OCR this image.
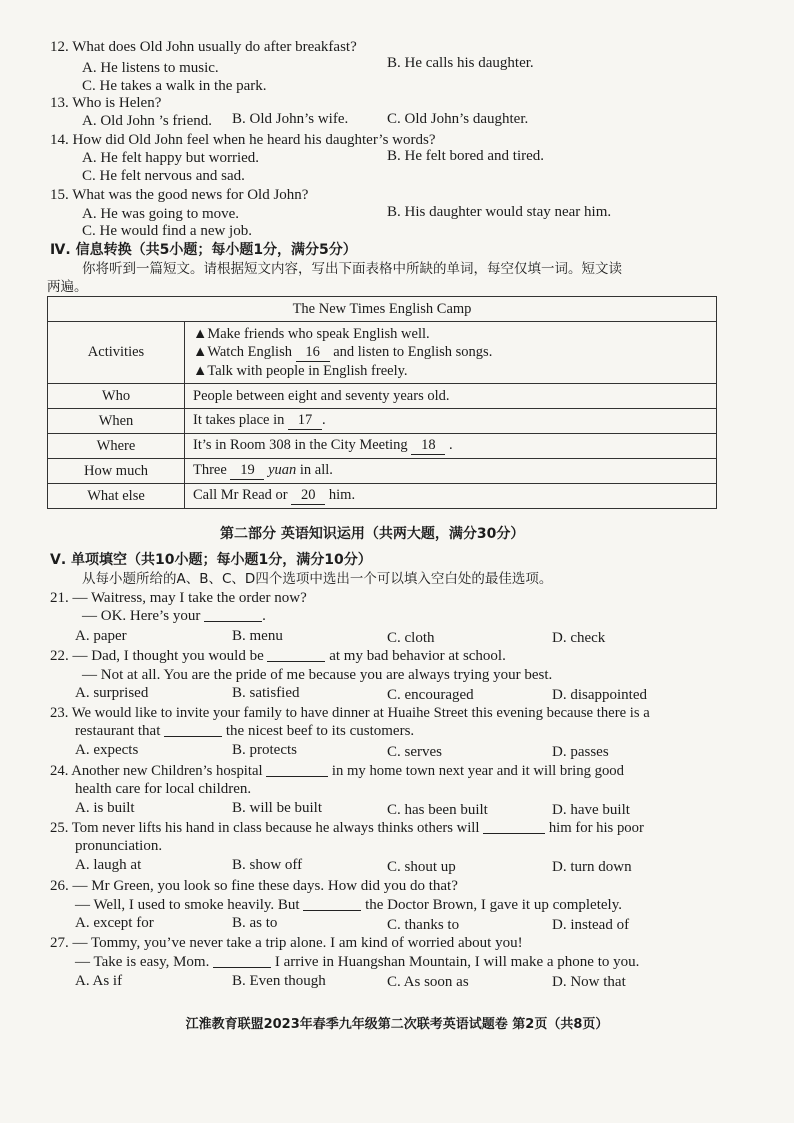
12. What does Old John usually do after breakfast?
A. He listens to music.	B. He calls his daughter.
C. He takes a walk in the park.
13. Who is Helen?
A. Old John ’s friend. B. Old John’s wife.	C. Old John’s daughter.
14. How did Old John feel when he heard his daughter’s words?
A. He felt happy but worried.	B. He felt bored and tired.
C. He felt nervous and sad.
15. What was the good news for Old John?
A. He was going to move.	B. His daughter would stay near him.
C. He would find a new job.
Ⅳ. 信息转换（共5小题；每小题1分，满分5分）
你将听到一篇短文。请根据短文内容，写出下面表格中所缺的单词，每空仅填一词。短文读
两遍。
The New Times English Camp	
Activities	▲Make friends who speak English well.
▲Watch English 16 and listen to English songs.
▲Talk with people in English freely.

Who	People between eight and seventy years old.
When	It takes place in 17 .
Where	It’s in Room 308 in the City Meeting 18 .
How much	Three 19 yuan in all.
What else	Call Mr Read or 20 him.
第二部分 英语知识运用（共两大题，满分30分）
Ⅴ. 单项填空（共10小题；每小题1分，满分10分）
从每小题所给的A、B、C、D四个选项中选出一个可以填入空白处的最佳选项。
21. — Waitress, may I take the order now?
— OK. Here’s your	.
A. paper	B. menu	C. cloth	D. check
22. — Dad, I thought you would be	at my bad behavior at school.
— Not at all. You are the pride of me because you are always trying your best.
A. surprised	B. satisfied	C. encouraged	D. disappointed
23. We would like to invite your family to have dinner at Huaihe Street this evening because there is a
restaurant that	the nicest beef to its customers.
A. expects	B. protects	C. serves	D. passes
24. Another new Children’s hospital	in my home town next year and it will bring good
health care for local children.
A. is built	B. will be built	C. has been built	D. have built
25. Tom never lifts his hand in class because he always thinks others will	him for his poor
pronunciation.
A. laugh at	B. show off	C. shout up	D. turn down
26. — Mr Green, you look so fine these days. How did you do that?
— Well, I used to smoke heavily. But	the Doctor Brown, I gave it up completely.
A. except for	B. as to	C. thanks to	D. instead of
27. — Tommy, you’ve never take a trip alone. I am kind of worried about you!
— Take is easy, Mom.	I arrive in Huangshan Mountain, I will make a phone to you.
A. As if	B. Even though	C. As soon as	D. Now that
江淮教育联盟2023年春季九年级第二次联考英语试题卷 第2页（共8页）
